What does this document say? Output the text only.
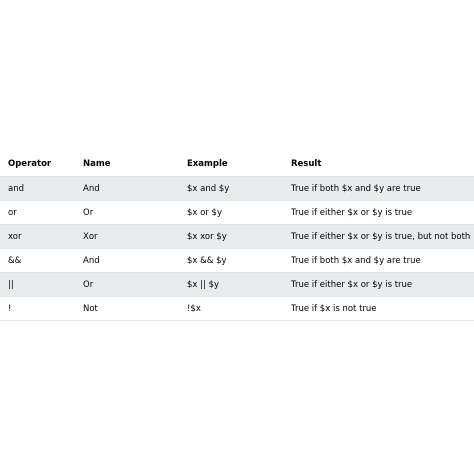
Operator	Name	Example	Result
and	And	$x and $y	True if both $x and $y are true
or	Or	$x or $y	True if either $x or $y is true
xor	Xor	$x xor $y	True if either $x or $y is true, but not both
&&	And	$x && $y	True if both $x and $y are true
||	Or	$x || $y	True if either $x or $y is true
!	Not	!$x	True if $x is not true
